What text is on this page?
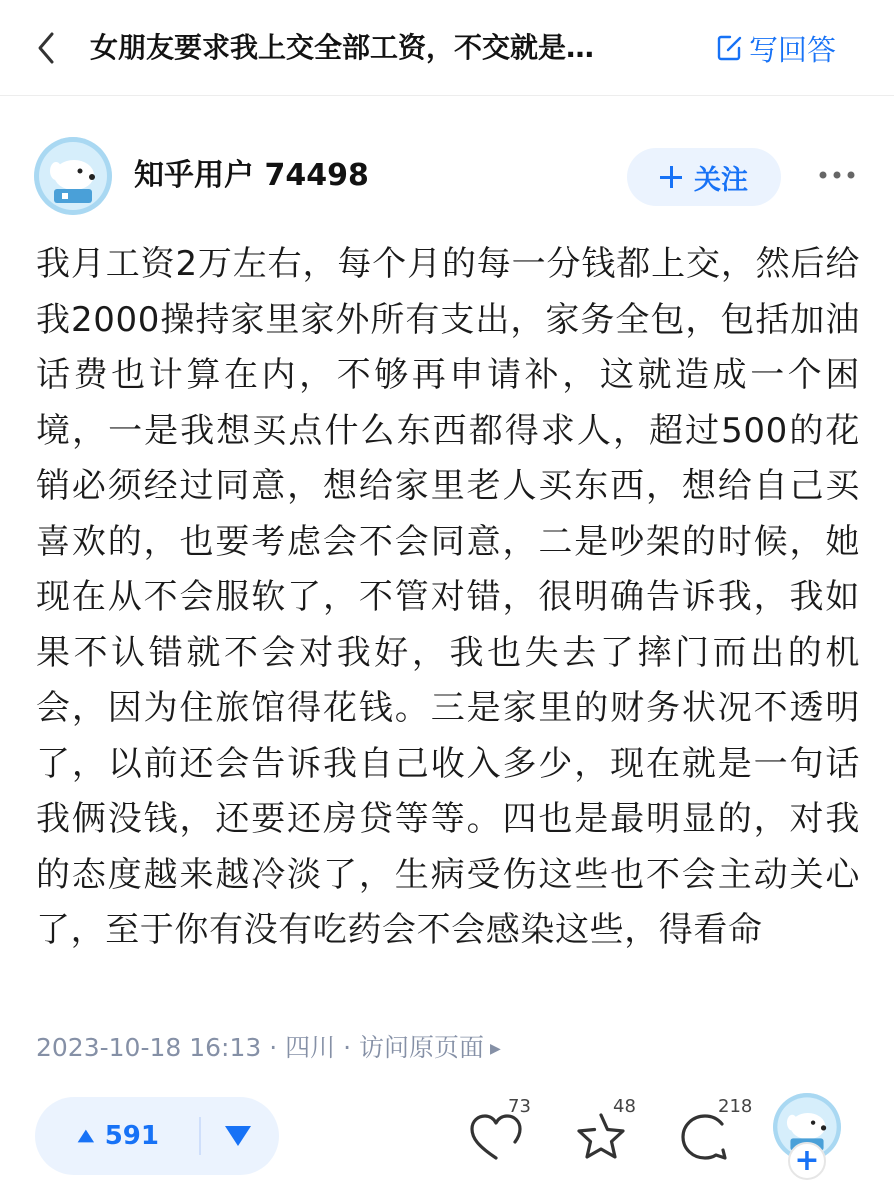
女朋友要求我上交全部工资，不交就是…	写回答
知乎用户 74498	关注
我月工资2万左右，每个月的每一分钱都上交，然后给我2000操持家里家外所有支出，家务全包，包括加油话费也计算在内，不够再申请补，这就造成一个困境，一是我想买点什么东西都得求人，超过500的花销必须经过同意，想给家里老人买东西，想给自己买喜欢的，也要考虑会不会同意，二是吵架的时候，她现在从不会服软了，不管对错，很明确告诉我，我如果不认错就不会对我好，我也失去了摔门而出的机会，因为住旅馆得花钱。三是家里的财务状况不透明了，以前还会告诉我自己收入多少，现在就是一句话我俩没钱，还要还房贷等等。四也是最明显的，对我的态度越来越冷淡了，生病受伤这些也不会主动关心了，至于你有没有吃药会不会感染这些，得看命
2023-10-18 16:13 · 四川 · 访问原页面 ▶
591
73	48	218
+
